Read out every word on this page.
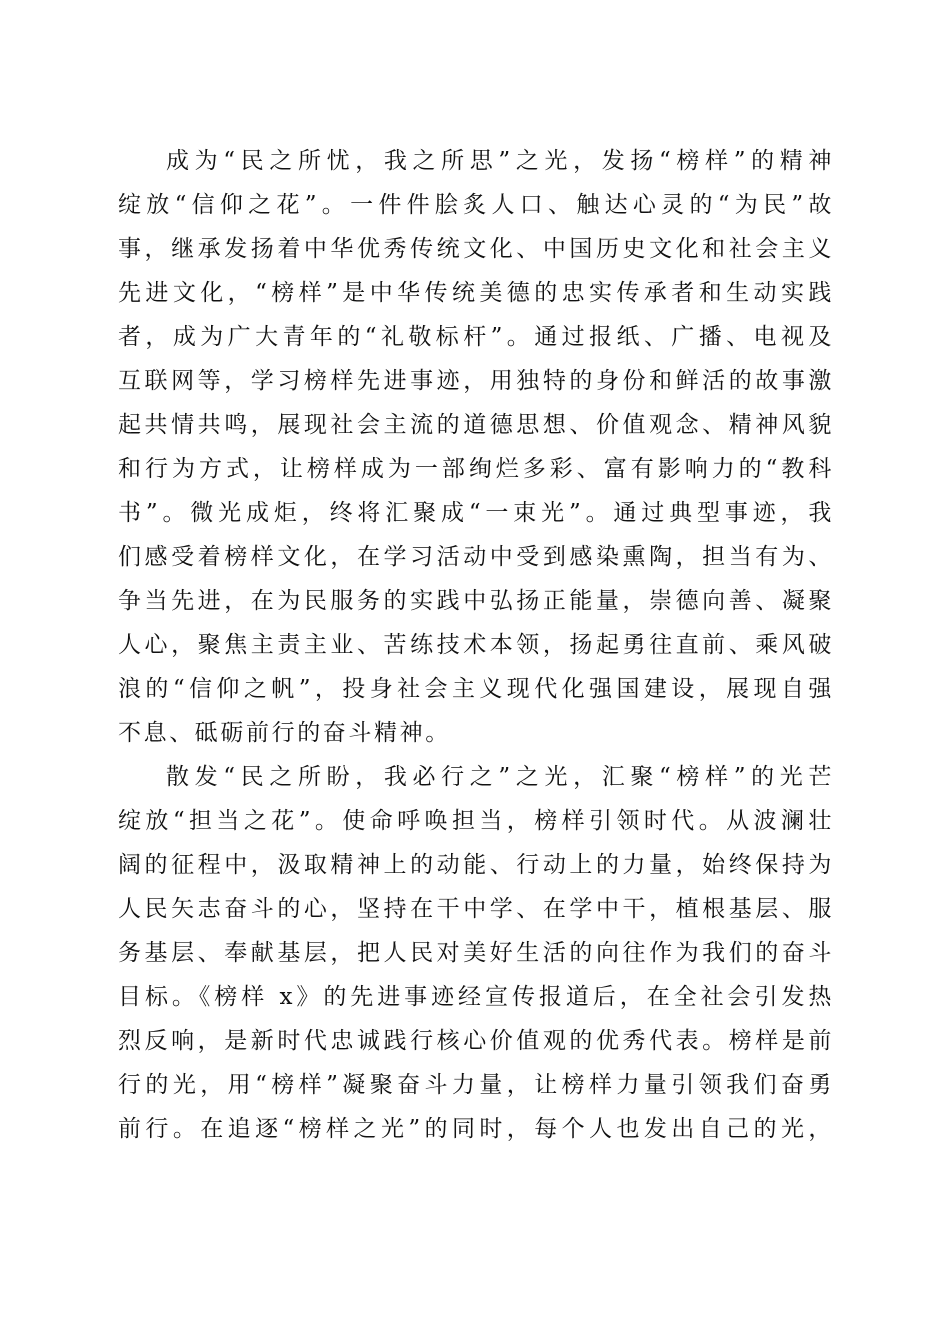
成为“民之所忧，我之所思”之光，发扬“榜样”的精神
绽放“信仰之花”。一件件脍炙人口、触达心灵的“为民”故
事，继承发扬着中华优秀传统文化、中国历史文化和社会主义
先进文化，“榜样”是中华传统美德的忠实传承者和生动实践
者，成为广大青年的“礼敬标杆”。通过报纸、广播、电视及
互联网等，学习榜样先进事迹，用独特的身份和鲜活的故事激
起共情共鸣，展现社会主流的道德思想、价值观念、精神风貌
和行为方式，让榜样成为一部绚烂多彩、富有影响力的“教科
书”。微光成炬，终将汇聚成“一束光”。通过典型事迹，我
们感受着榜样文化，在学习活动中受到感染熏陶，担当有为、
争当先进，在为民服务的实践中弘扬正能量，崇德向善、凝聚
人心，聚焦主责主业、苦练技术本领，扬起勇往直前、乘风破
浪的“信仰之帆”，投身社会主义现代化强国建设，展现自强
不息、砥砺前行的奋斗精神。
散发“民之所盼，我必行之”之光，汇聚“榜样”的光芒
绽放“担当之花”。使命呼唤担当，榜样引领时代。从波澜壮
阔的征程中，汲取精神上的动能、行动上的力量，始终保持为
人民矢志奋斗的心，坚持在干中学、在学中干，植根基层、服
务基层、奉献基层，把人民对美好生活的向往作为我们的奋斗
目标。《榜样 x》的先进事迹经宣传报道后，在全社会引发热
烈反响，是新时代忠诚践行核心价值观的优秀代表。榜样是前
行的光，用“榜样”凝聚奋斗力量，让榜样力量引领我们奋勇
前行。在追逐“榜样之光”的同时，每个人也发出自己的光，
